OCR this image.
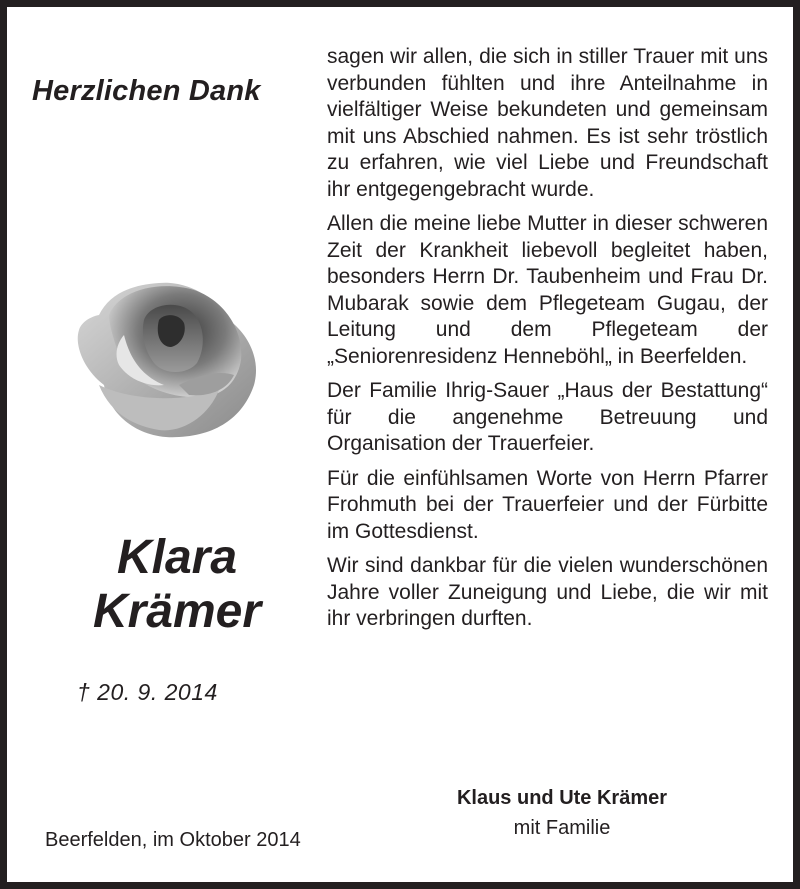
Herzlichen Dank
Klara
Krämer
† 20. 9. 2014

sagen wir allen, die sich in stiller Trauer mit uns verbunden fühlten und ihre Anteilnahme in vielfältiger Weise bekundeten und gemeinsam mit uns Abschied nahmen. Es ist sehr tröstlich zu erfahren, wie viel Liebe und Freundschaft ihr entgegengebracht wurde.

Allen die meine liebe Mutter in dieser schweren Zeit der Krankheit liebevoll begleitet haben, besonders Herrn Dr. Taubenheim und Frau Dr. Mubarak sowie dem Pflegeteam Gugau, der Leitung und dem Pflegeteam der „Seniorenresidenz Henneböhl„ in Beerfelden.

Der Familie Ihrig-Sauer „Haus der Bestattung“ für die angenehme Betreuung und Organisation der Trauerfeier.

Für die einfühlsamen Worte von Herrn Pfarrer Frohmuth bei der Trauerfeier und der Fürbitte im Gottesdienst.

Wir sind dankbar für die vielen wunderschönen Jahre voller Zuneigung und Liebe, die wir mit ihr verbringen durften.

Klaus und Ute Krämer
mit Familie
Beerfelden, im Oktober 2014
